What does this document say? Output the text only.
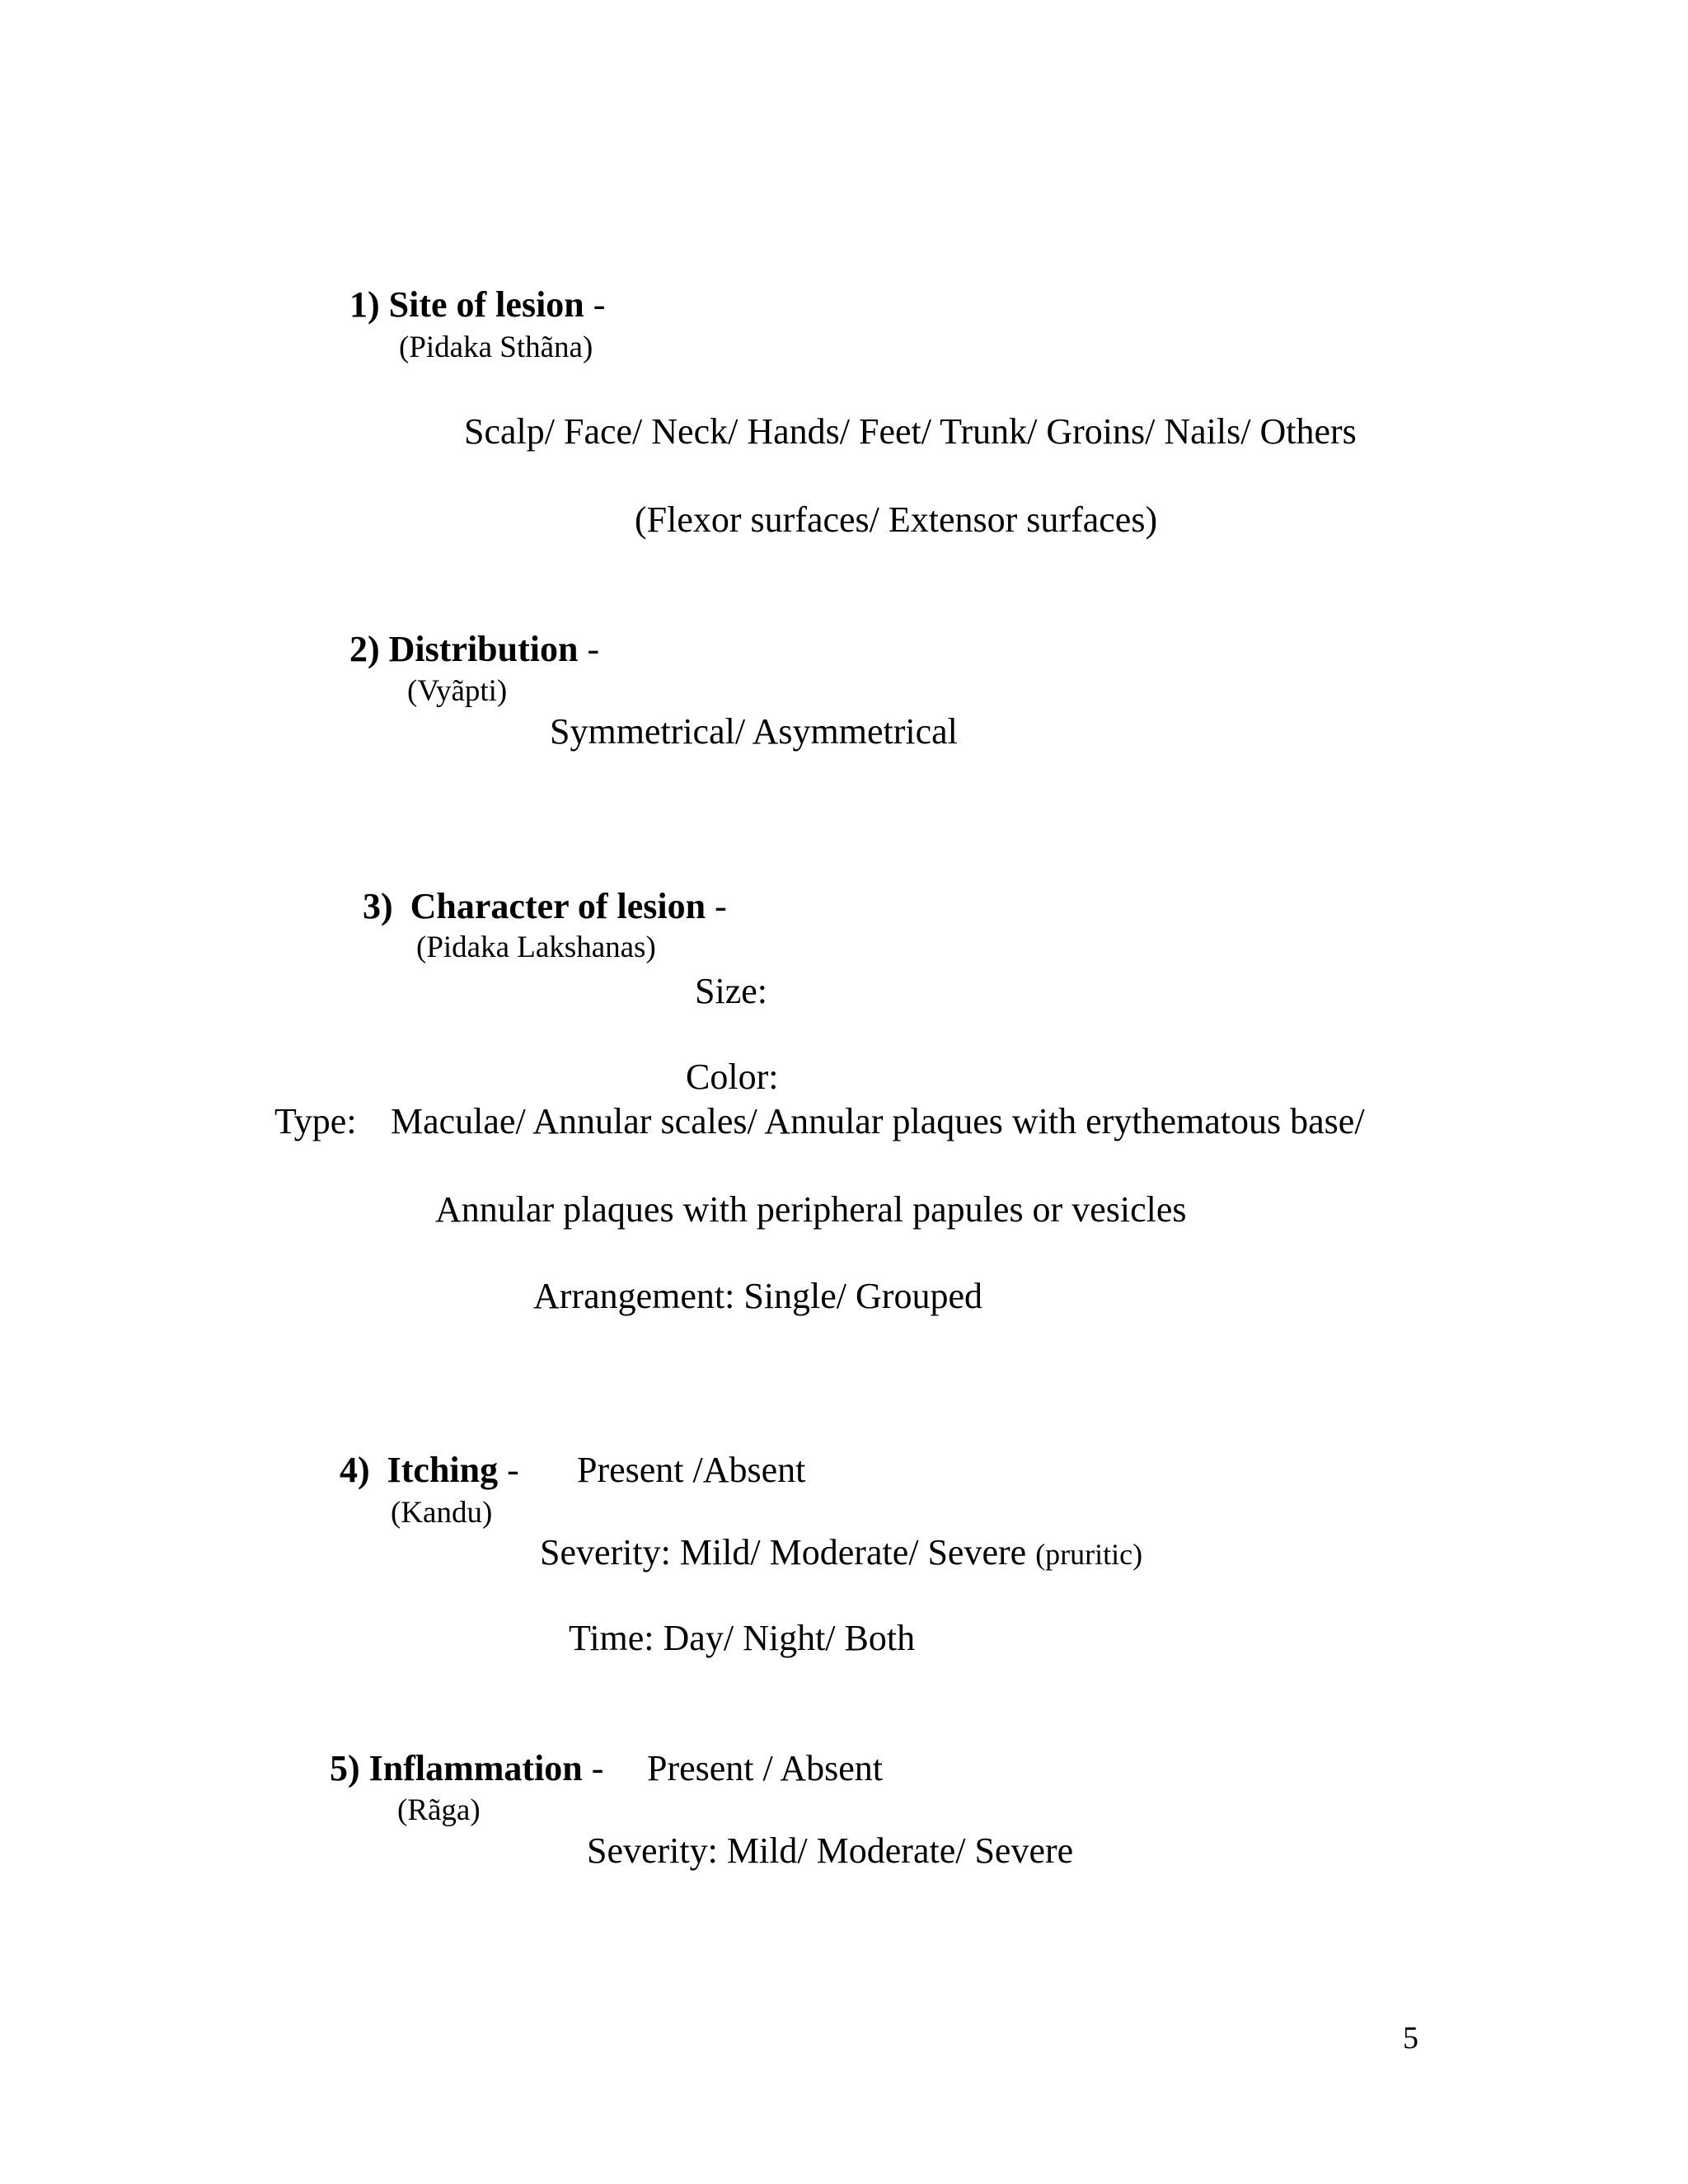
1) Site of lesion -
(Pidaka Sthãna)
Scalp/ Face/ Neck/ Hands/ Feet/ Trunk/ Groins/ Nails/ Others
(Flexor surfaces/ Extensor surfaces)
2) Distribution -
(Vyãpti)
Symmetrical/ Asymmetrical
3) Character of lesion -
(Pidaka Lakshanas)
Size:
Color:
Type: Maculae/ Annular scales/ Annular plaques with erythematous base/
Annular plaques with peripheral papules or vesicles
Arrangement: Single/ Grouped
4) Itching - Present /Absent
(Kandu)
Severity: Mild/ Moderate/ Severe (pruritic)
Time: Day/ Night/ Both
5) Inflammation - Present / Absent
(Rãga)
Severity: Mild/ Moderate/ Severe
5
